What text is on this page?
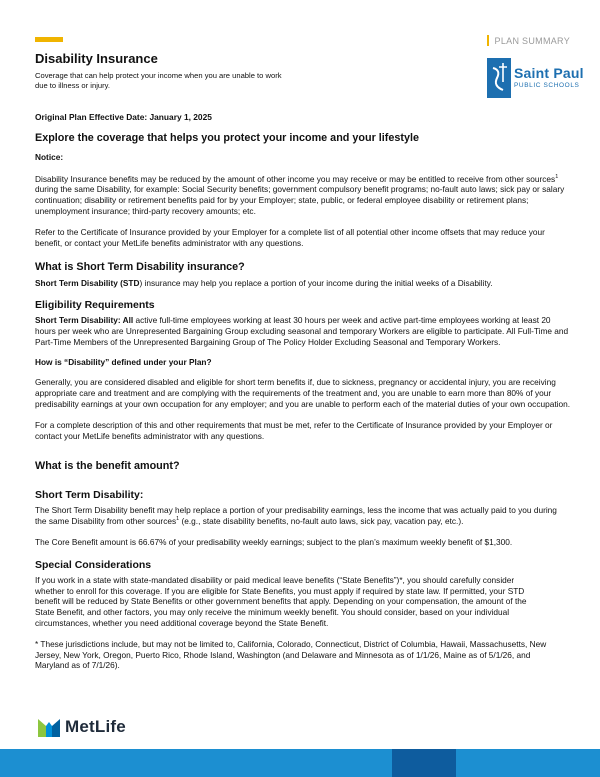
PLAN SUMMARY
Saint Paul
PUBLIC SCHOOLS
Disability Insurance
Coverage that can help protect your income when you are unable to work due to illness or injury.

Original Plan Effective Date: January 1, 2025

Explore the coverage that helps you protect your income and your lifestyle

Notice:

Disability Insurance benefits may be reduced by the amount of other income you may receive or may be entitled to receive from other sources$^1$ during the same Disability, for example: Social Security benefits; government compulsory benefit programs; no-fault auto laws; sick pay or salary continuation; disability or retirement benefits paid for by your Employer; state, public, or federal employee disability or retirement plans; unemployment insurance; third-party recovery amounts; etc.

Refer to the Certificate of Insurance provided by your Employer for a complete list of all potential other income offsets that may reduce your benefit, or contact your MetLife benefits administrator with any questions.

What is Short Term Disability insurance?

Short Term Disability (STD) insurance may help you replace a portion of your income during the initial weeks of a Disability.

Eligibility Requirements

Short Term Disability: All active full-time employees working at least 30 hours per week and active part-time employees working at least 20 hours per week who are Unrepresented Bargaining Group excluding seasonal and temporary Workers are eligible to participate. All Full-Time and Part-Time Members of the Unrepresented Bargaining Group of The Policy Holder Excluding Seasonal and Temporary Workers.

How is “Disability” defined under your Plan?

Generally, you are considered disabled and eligible for short term benefits if, due to sickness, pregnancy or accidental injury, you are receiving appropriate care and treatment and are complying with the requirements of the treatment and, you are unable to earn more than 80% of your predisability earnings at your own occupation for any employer; and you are unable to perform each of the material duties of your own occupation.

For a complete description of this and other requirements that must be met, refer to the Certificate of Insurance provided by your Employer or contact your MetLife benefits administrator with any questions.

What is the benefit amount?

Short Term Disability:

The Short Term Disability benefit may help replace a portion of your predisability earnings, less the income that was actually paid to you during the same Disability from other sources$^1$ (e.g., state disability benefits, no-fault auto laws, sick pay, vacation pay, etc.).

The Core Benefit amount is 66.67% of your predisability weekly earnings; subject to the plan’s maximum weekly benefit of $1,300.

Special Considerations

If you work in a state with state-mandated disability or paid medical leave benefits (“State Benefits”)*, you should carefully consider whether to enroll for this coverage. If you are eligible for State Benefits, you must apply if required by state law. If permitted, your STD benefit will be reduced by State Benefits or other government benefits that apply. Depending on your compensation, the amount of the State Benefit, and other factors, you may only receive the minimum weekly benefit. You should consider, based on your individual circumstances, whether you need additional coverage beyond the State Benefit.

* These jurisdictions include, but may not be limited to, California, Colorado, Connecticut, District of Columbia, Hawaii, Massachusetts, New Jersey, New York, Oregon, Puerto Rico, Rhode Island, Washington (and Delaware and Minnesota as of 1/1/26, Maine as of 5/1/26, and Maryland as of 7/1/26).

MetLife
